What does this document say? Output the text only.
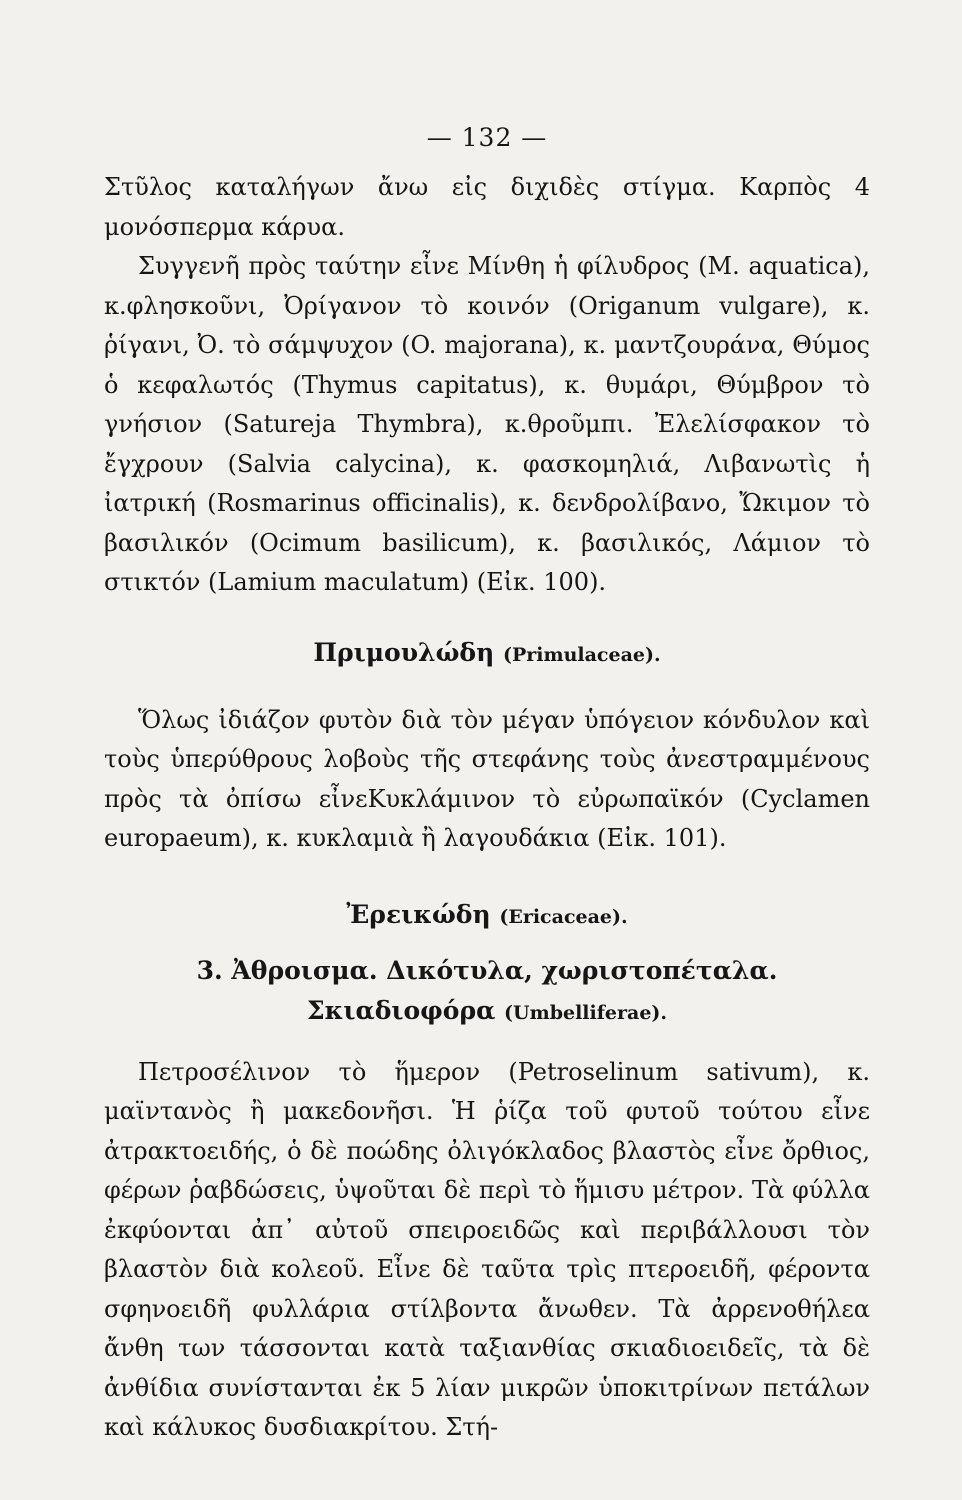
— 132 —

Στῦλος καταλήγων ἄνω εἰς διχιδὲς στίγμα. Καρπὸς 4 μονόσπερμα κάρυα.

Συγγενῆ πρὸς ταύτην εἶνε Μίνθη ἡ φίλυδρος (M. aquatica), κ.φλησκοῦνι, Ὀρίγανον τὸ κοινόν (Origanum vulgare), κ. ῥίγανι, Ὀ. τὸ σάμψυχον (O. majorana), κ. μαντζουράνα, Θύμος ὁ κεφαλωτός (Thymus capitatus), κ. θυμάρι, Θύμβρον τὸ γνήσιον (Satureja Thymbra), κ.θροῦμπι. Ἐλελίσφακον τὸ ἔγχρουν (Salvia calycina), κ. φασκομηλιά, Λιβανωτὶς ἡ ἰατρική (Rosmarinus officinalis), κ. δενδρολίβανο, Ὤκιμον τὸ βασιλικόν (Ocimum basilicum), κ. βασιλικός, Λάμιον τὸ στικτόν (Lamium maculatum) (Εἰκ. 100).

Πριμουλώδη (Primulaceae).

Ὅλως ἰδιάζον φυτὸν διὰ τὸν μέγαν ὑπόγειον κόνδυλον καὶ τοὺς ὑπερύθρους λοβοὺς τῆς στεφάνης τοὺς ἀνεστραμμένους πρὸς τὰ ὀπίσω εἶνεΚυκλάμινον τὸ εὐρωπαϊκόν (Cyclamen europaeum), κ. κυκλαμιὰ ἢ λαγουδάκια (Εἰκ. 101).

Ἐρεικώδη (Ericaceae).
3. Ἀθροισμα. Δικότυλα, χωριστοπέταλα.
Σκιαδιοφόρα (Umbelliferae).

Πετροσέλινον τὸ ἥμερον (Petroselinum sativum), κ. μαϊντανὸς ἢ μακεδονῆσι. Ἡ ῥίζα τοῦ φυτοῦ τούτου εἶνε ἀτρακτοειδής, ὁ δὲ ποώδης ὀλιγόκλαδος βλαστὸς εἶνε ὄρθιος, φέρων ῥαβδώσεις, ὑψοῦται δὲ περὶ τὸ ἥμισυ μέτρον. Τὰ φύλλα ἐκφύονται ἀπ᾿ αὐτοῦ σπειροειδῶς καὶ περιβάλλουσι τὸν βλαστὸν διὰ κολεοῦ. Εἶνε δὲ ταῦτα τρὶς πτεροειδῆ, φέροντα σφηνοειδῆ φυλλάρια στίλβοντα ἄνωθεν. Τὰ ἀρρενοθήλεα ἄνθη των τάσσονται κατὰ ταξιανθίας σκιαδιοειδεῖς, τὰ δὲ ἀνθίδια συνίστανται ἐκ 5 λίαν μικρῶν ὑποκιτρίνων πετάλων καὶ κάλυκος δυσδιακρίτου. Στή-
